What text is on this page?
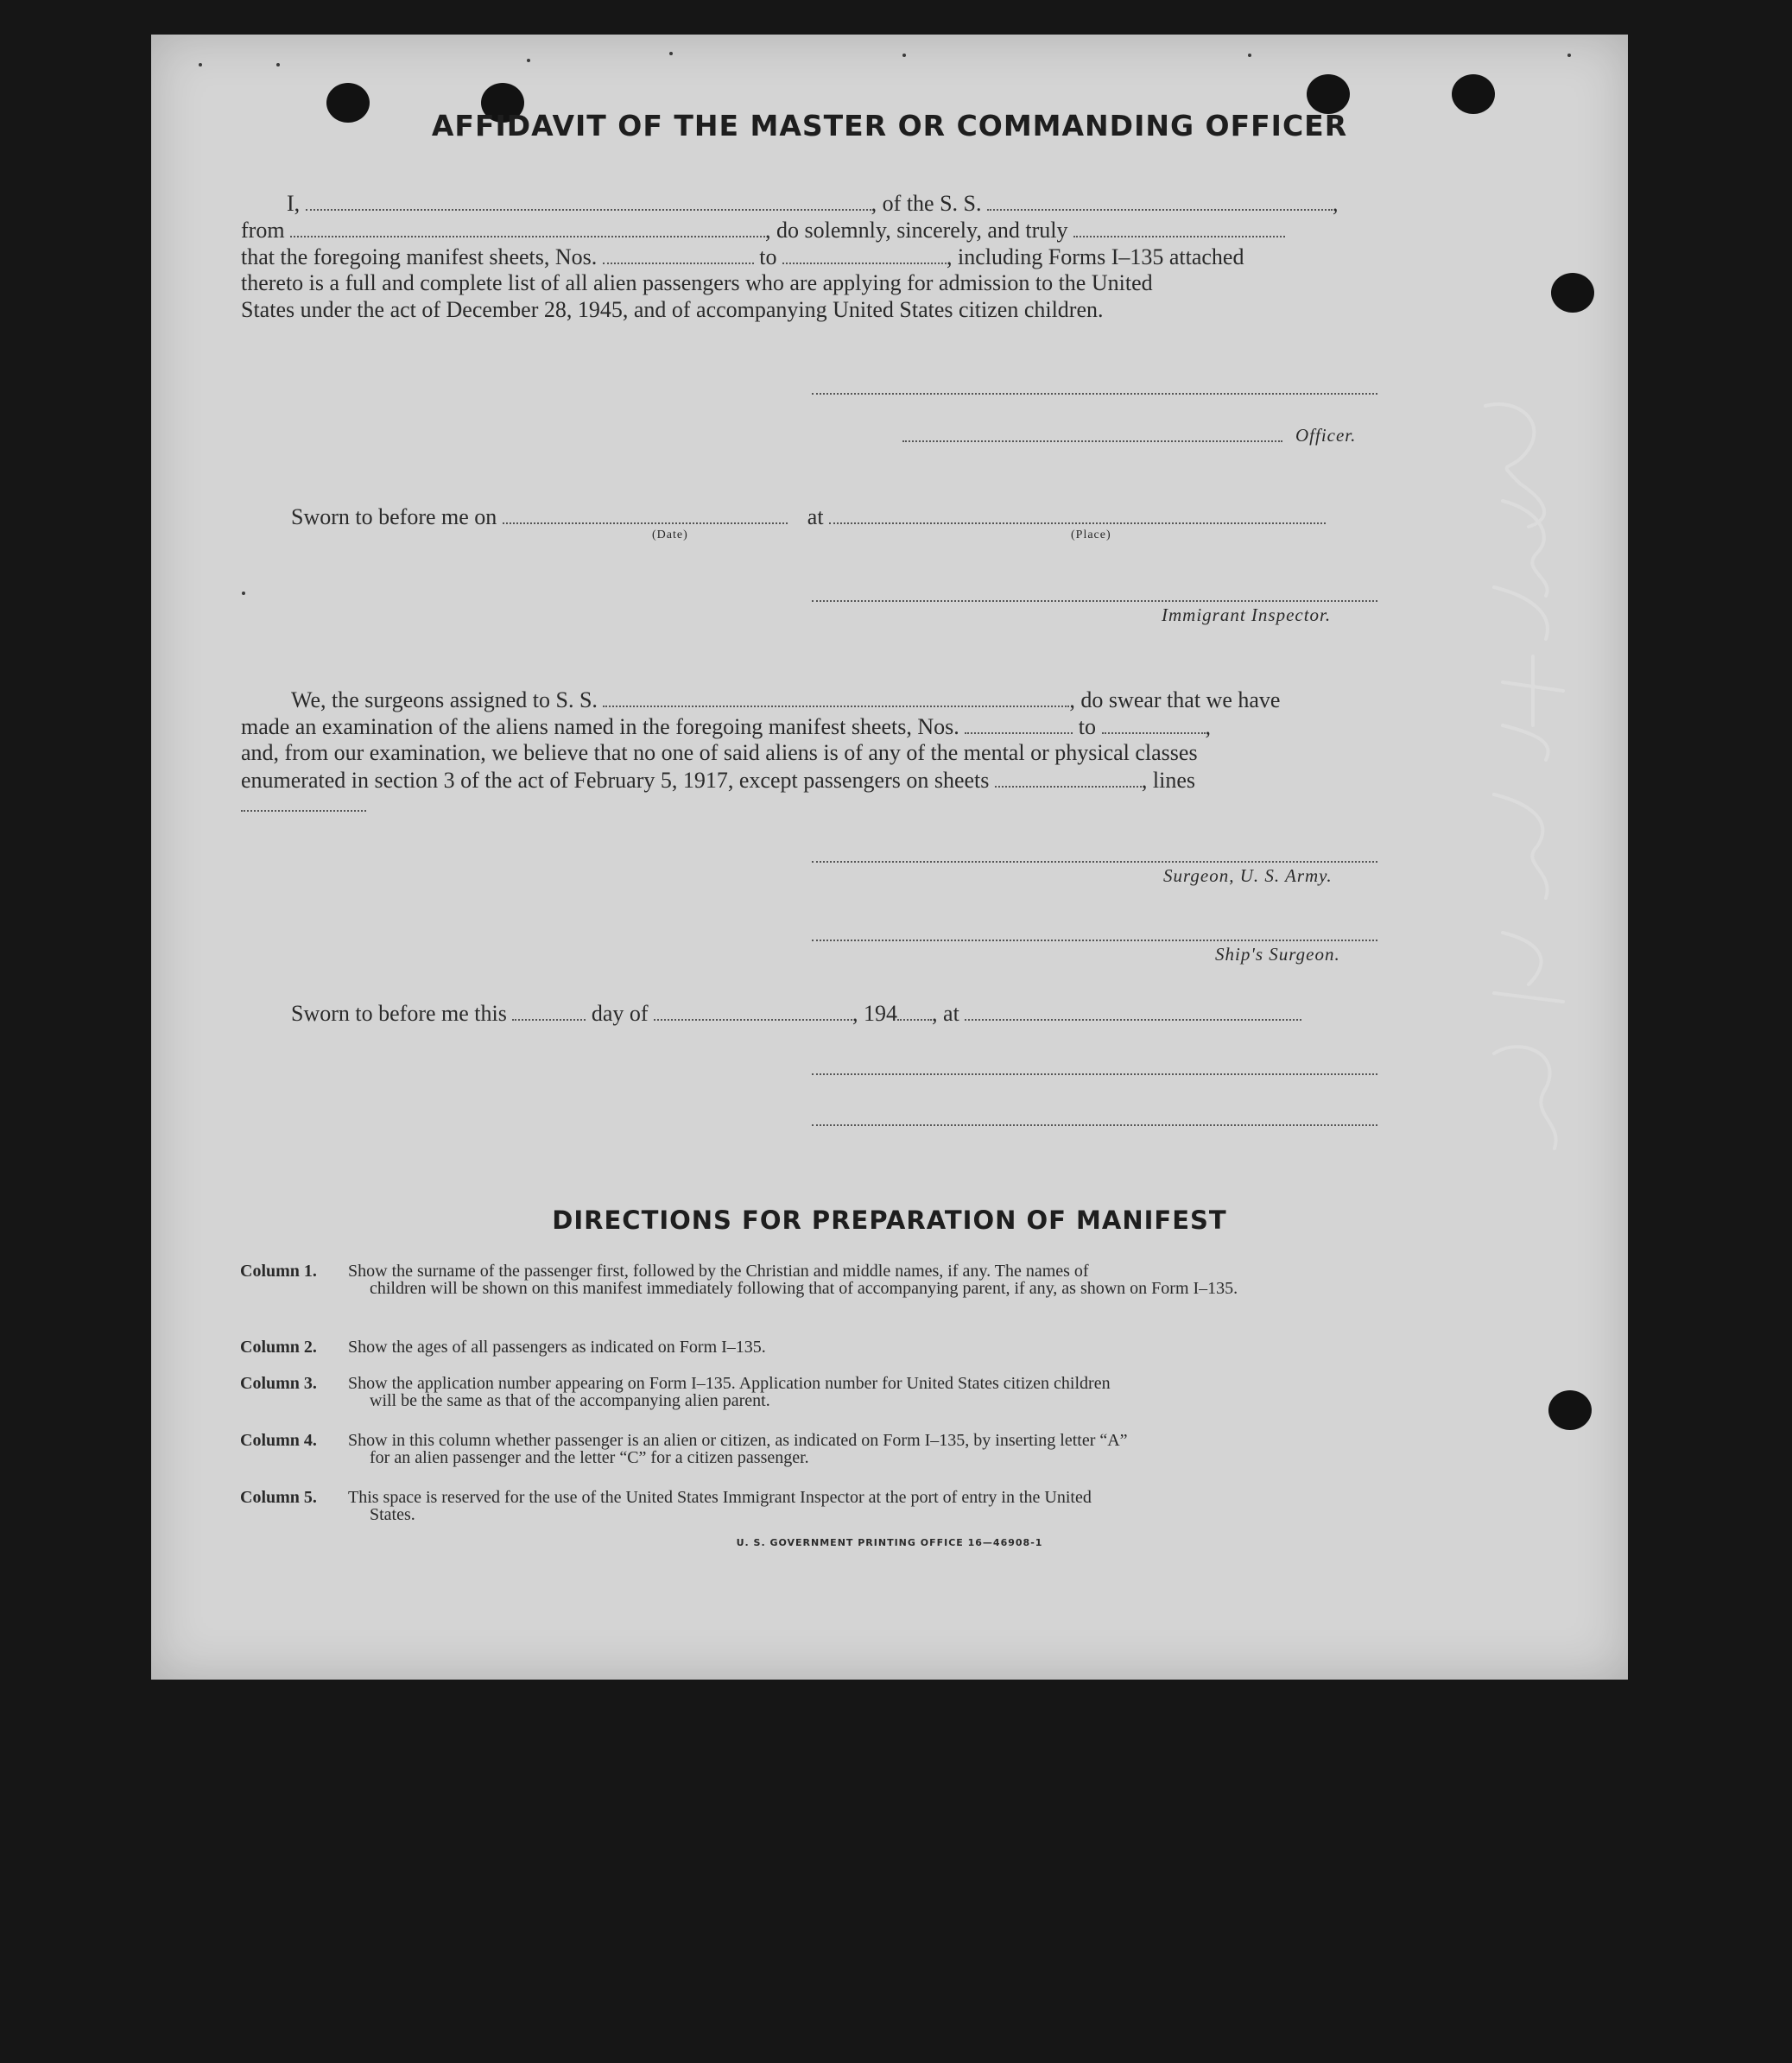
AFFIDAVIT OF THE MASTER OR COMMANDING OFFICER
I,	, of the S. S.	,
from	, do solemnly, sincerely, and truly
that the foregoing manifest sheets, Nos.	to	, including Forms I–135 attached
thereto is a full and complete list of all alien passengers who are applying for admission to the United
States under the act of December 28, 1945, and of accompanying United States citizen children.
Officer.
Sworn to before me on	at
(Date)	(Place)
Immigrant Inspector.
We, the surgeons assigned to S. S.	, do swear that we have
made an examination of the aliens named in the foregoing manifest sheets, Nos.	to	,
and, from our examination, we believe that no one of said aliens is of any of the mental or physical classes
enumerated in section 3 of the act of February 5, 1917, except passengers on sheets	, lines
Surgeon, U. S. Army.
Ship's Surgeon.
Sworn to before me this	day of	, 194 , at
DIRECTIONS FOR PREPARATION OF MANIFEST
Column 1. Show the surname of the passenger first, followed by the Christian and middle names, if any. The names of
children will be shown on this manifest immediately following that of accompanying parent, if any, as shown on Form I–135.
Column 2. Show the ages of all passengers as indicated on Form I–135.
Column 3. Show the application number appearing on Form I–135. Application number for United States citizen children
will be the same as that of the accompanying alien parent.
Column 4. Show in this column whether passenger is an alien or citizen, as indicated on Form I–135, by inserting letter “A”
for an alien passenger and the letter “C” for a citizen passenger.
Column 5. This space is reserved for the use of the United States Immigrant Inspector at the port of entry in the United
States.
U. S. GOVERNMENT PRINTING OFFICE 16—46908-1
